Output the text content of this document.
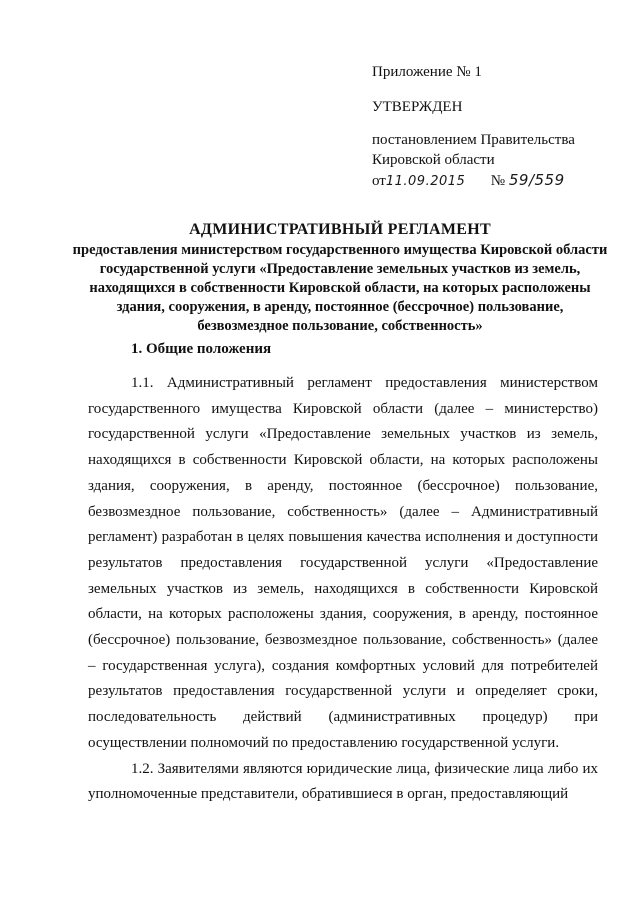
Приложение № 1
УТВЕРЖДЕН
постановлением Правительства
Кировской области
от11.09.2015 № 59/559
АДМИНИСТРАТИВНЫЙ РЕГЛАМЕНТ
предоставления министерством государственного имущества Кировской области государственной услуги «Предоставление земельных участков из земель, находящихся в собственности Кировской области, на которых расположены здания, сооружения, в аренду, постоянное (бессрочное) пользование, безвозмездное пользование, собственность»
1. Общие положения

1.1. Административный регламент предоставления министерством государственного имущества Кировской области (далее – министерство) государственной услуги «Предоставление земельных участков из земель, находящихся в собственности Кировской области, на которых расположены здания, сооружения, в аренду, постоянное (бессрочное) пользование, безвозмездное пользование, собственность» (далее – Административный регламент) разработан в целях повышения качества исполнения и доступности результатов предоставления государственной услуги «Предоставление земельных участков из земель, находящихся в собственности Кировской области, на которых расположены здания, сооружения, в аренду, постоянное (бессрочное) пользование, безвозмездное пользование, собственность» (далее – государственная услуга), создания комфортных условий для потребителей результатов предоставления государственной услуги и определяет сроки, последовательность действий (административных процедур) при осуществлении полномочий по предоставлению государственной услуги.

1.2. Заявителями являются юридические лица, физические лица либо их уполномоченные представители, обратившиеся в орган, предоставляющий
